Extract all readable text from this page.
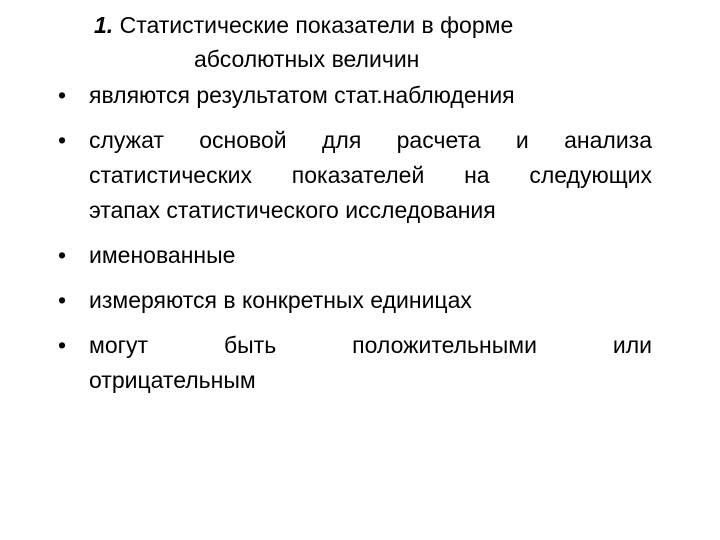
1. Статистические показатели в форме
абсолютных величин
• являются результатом стат.наблюдения
• служат основой для расчета и анализа
статистических показателей на следующих
этапах статистического исследования
• именованные
• измеряются в конкретных единицах
• могут быть положительными или
отрицательным
